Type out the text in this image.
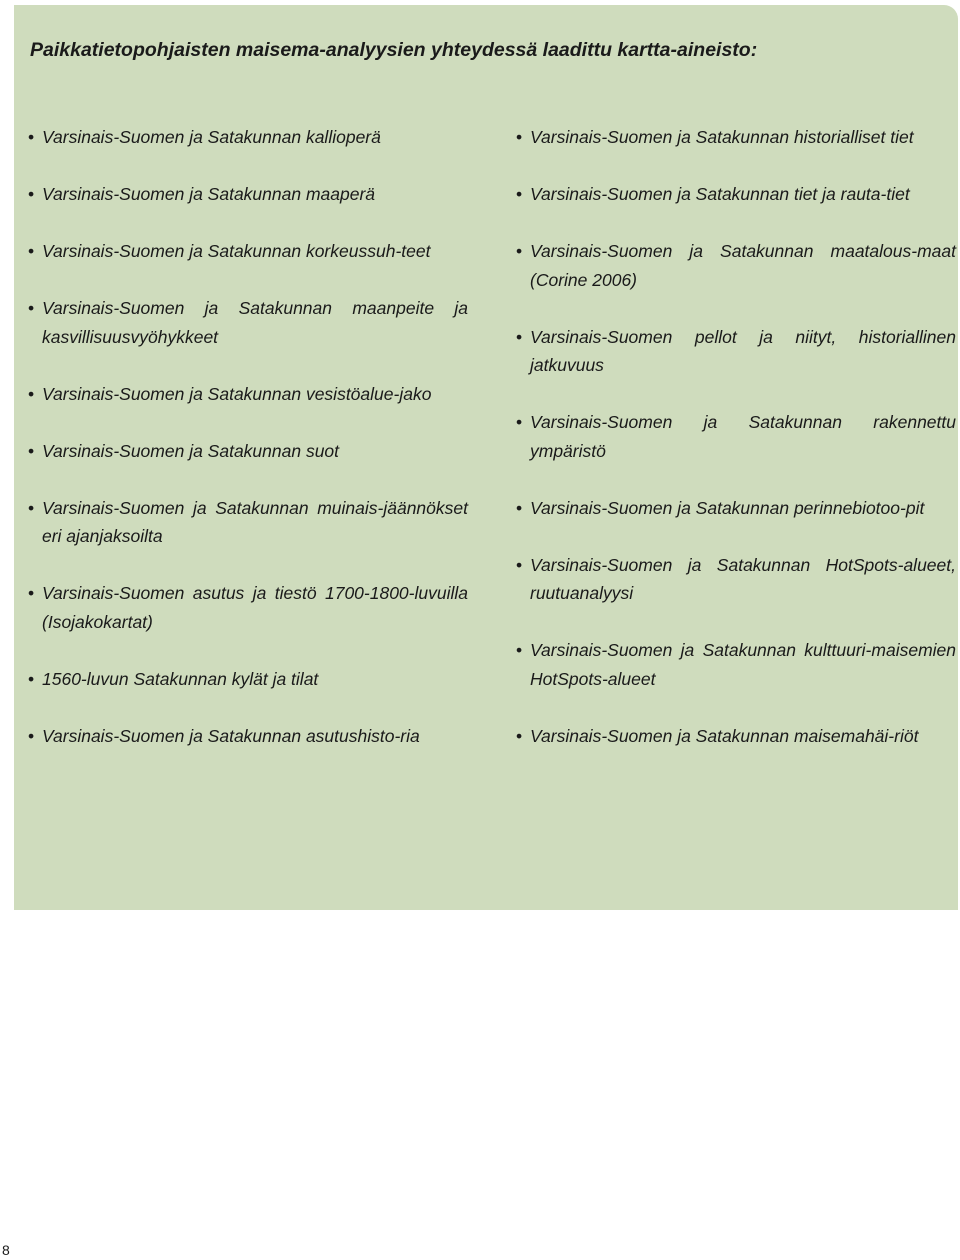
Paikkatietopohjaisten maisema-analyysien yhteydessä laadittu kartta-aineisto:
• Varsinais-Suomen ja Satakunnan kallioperä
• Varsinais-Suomen ja Satakunnan maaperä
• Varsinais-Suomen ja Satakunnan korkeussuh-teet
• Varsinais-Suomen ja Satakunnan maanpeite ja kasvillisuusvyöhykkeet
• Varsinais-Suomen ja Satakunnan vesistöalue-jako
• Varsinais-Suomen ja Satakunnan suot
• Varsinais-Suomen ja Satakunnan muinais-jäännökset eri ajanjaksoilta
• Varsinais-Suomen asutus ja tiestö 1700-1800-luvuilla (Isojakokartat)
• 1560-luvun Satakunnan kylät ja tilat
• Varsinais-Suomen ja Satakunnan asutushisto-ria
• Varsinais-Suomen ja Satakunnan historialliset tiet
• Varsinais-Suomen ja Satakunnan tiet ja rauta-tiet
• Varsinais-Suomen ja Satakunnan maatalous-maat (Corine 2006)
• Varsinais-Suomen pellot ja niityt, historiallinen jatkuvuus
• Varsinais-Suomen ja Satakunnan rakennettu ympäristö
• Varsinais-Suomen ja Satakunnan perinnebiotoo-pit
• Varsinais-Suomen ja Satakunnan HotSpots-alueet, ruutuanalyysi
• Varsinais-Suomen ja Satakunnan kulttuuri-maisemien HotSpots-alueet
• Varsinais-Suomen ja Satakunnan maisemahäi-riöt
8
